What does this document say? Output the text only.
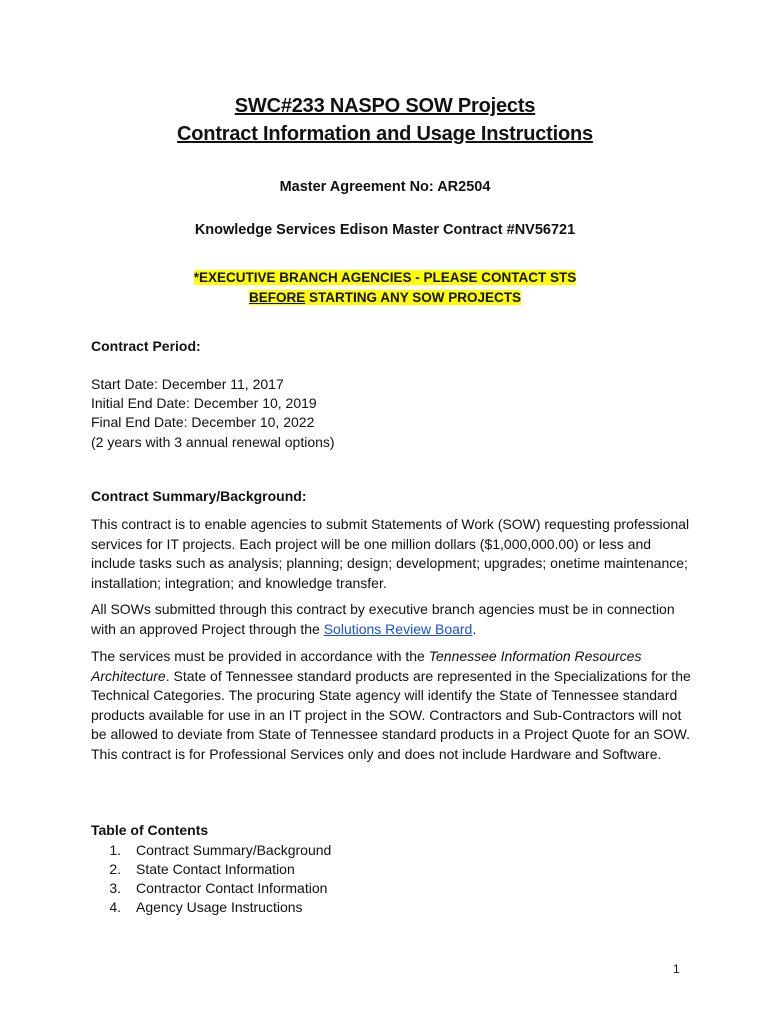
SWC#233 NASPO SOW Projects
Contract Information and Usage Instructions
Master Agreement No: AR2504
Knowledge Services Edison Master Contract #NV56721
*EXECUTIVE BRANCH AGENCIES - PLEASE CONTACT STS
BEFORE STARTING ANY SOW PROJECTS
Contract Period:
Start Date: December 11, 2017
Initial End Date: December 10, 2019
Final End Date: December 10, 2022
(2 years with 3 annual renewal options)
Contract Summary/Background:

This contract is to enable agencies to submit Statements of Work (SOW) requesting professional services for IT projects. Each project will be one million dollars ($1,000,000.00) or less and include tasks such as analysis; planning; design; development; upgrades; onetime maintenance; installation; integration; and knowledge transfer.

All SOWs submitted through this contract by executive branch agencies must be in connection with an approved Project through the Solutions Review Board.

The services must be provided in accordance with the Tennessee Information Resources Architecture. State of Tennessee standard products are represented in the Specializations for the Technical Categories. The procuring State agency will identify the State of Tennessee standard products available for use in an IT project in the SOW. Contractors and Sub-Contractors will not be allowed to deviate from State of Tennessee standard products in a Project Quote for an SOW. This contract is for Professional Services only and does not include Hardware and Software.

Table of Contents
1. Contract Summary/Background
2. State Contact Information
3. Contractor Contact Information
4. Agency Usage Instructions
1
